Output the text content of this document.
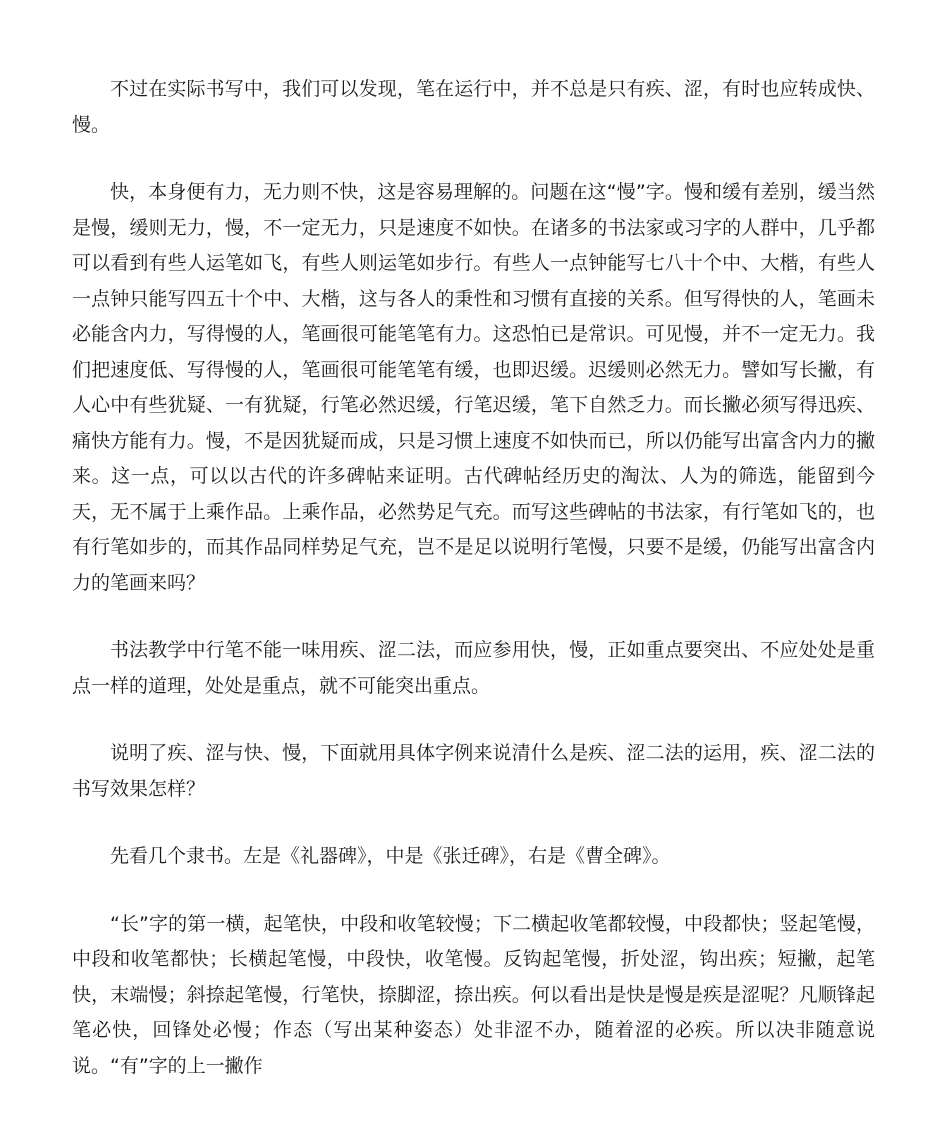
不过在实际书写中，我们可以发现，笔在运行中，并不总是只有疾、涩，有时也应转成快、慢。

快，本身便有力，无力则不快，这是容易理解的。问题在这“慢”字。慢和缓有差别，缓当然是慢，缓则无力，慢，不一定无力，只是速度不如快。在诸多的书法家或习字的人群中，几乎都可以看到有些人运笔如飞，有些人则运笔如步行。有些人一点钟能写七八十个中、大楷，有些人一点钟只能写四五十个中、大楷，这与各人的秉性和习惯有直接的关系。但写得快的人，笔画未必能含内力，写得慢的人，笔画很可能笔笔有力。这恐怕已是常识。可见慢，并不一定无力。我们把速度低、写得慢的人，笔画很可能笔笔有缓，也即迟缓。迟缓则必然无力。譬如写长撇，有人心中有些犹疑、一有犹疑，行笔必然迟缓，行笔迟缓，笔下自然乏力。而长撇必须写得迅疾、痛快方能有力。慢，不是因犹疑而成，只是习惯上速度不如快而已，所以仍能写出富含内力的撇来。这一点，可以以古代的许多碑帖来证明。古代碑帖经历史的淘汰、人为的筛选，能留到今天，无不属于上乘作品。上乘作品，必然势足气充。而写这些碑帖的书法家，有行笔如飞的，也有行笔如步的，而其作品同样势足气充，岂不是足以说明行笔慢，只要不是缓，仍能写出富含内力的笔画来吗？

书法教学中行笔不能一味用疾、涩二法，而应参用快，慢，正如重点要突出、不应处处是重点一样的道理，处处是重点，就不可能突出重点。

说明了疾、涩与快、慢，下面就用具体字例来说清什么是疾、涩二法的运用，疾、涩二法的书写效果怎样？

先看几个隶书。左是《礼器碑》，中是《张迁碑》，右是《曹全碑》。

“长”字的第一横，起笔快，中段和收笔较慢；下二横起收笔都较慢，中段都快；竖起笔慢，中段和收笔都快；长横起笔慢，中段快，收笔慢。反钩起笔慢，折处涩，钩出疾；短撇，起笔快，末端慢；斜捺起笔慢，行笔快，捺脚涩，捺出疾。何以看出是快是慢是疾是涩呢？凡顺锋起笔必快，回锋处必慢；作态（写出某种姿态）处非涩不办，随着涩的必疾。所以决非随意说说。“有”字的上一撇作
